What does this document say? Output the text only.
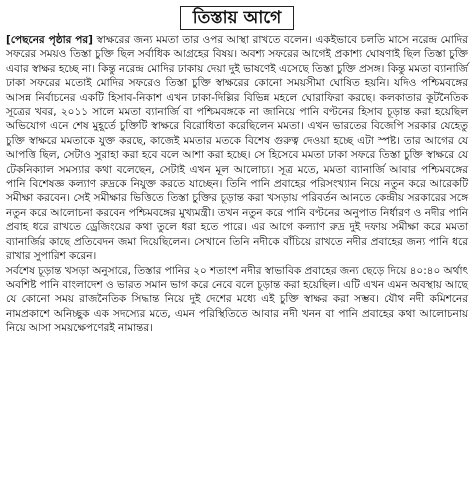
তিস্তায় আগে

[পেছনের পৃষ্ঠার পর] স্বাক্ষরের জন্য মমতা তার ওপর আস্থা রাখতে বলেন। একইভাবে চলতি মাসে নরেন্দ্র মোদির সফরের সময়ও তিস্তা চুক্তি ছিল সর্বাধিক আগ্রহের বিষয়। অবশ্য সফরের আগেই প্রকাশ্য ঘোষণাই ছিল তিস্তা চুক্তি এবার স্বাক্ষর হচ্ছে না। কিন্তু নরেন্দ্র মোদির ঢাকায় দেয়া দুই ভাষণেই এসেছে তিস্তা চুক্তি প্রসঙ্গ। কিন্তু মমতা ব্যানার্জি ঢাকা সফরের মতোই মোদির সফরেও তিস্তা চুক্তি স্বাক্ষরের কোনো সময়সীমা ঘোষিত হয়নি। যদিও পশ্চিমবঙ্গের আসন্ন নির্বাচনের একটি হিসাব-নিকাশ এখন ঢাকা-দিল্লির বিভিন্ন মহলে ঘোরাফিরা করছে। কলকাতার কূটনৈতিক সূত্রের খবর, ২০১১ সালে মমতা ব্যানার্জি বা পশ্চিমবঙ্গকে না জানিয়ে পানি বণ্টনের হিসাব চূড়ান্ত করা হয়েছিল অভিযোগ এনে শেষ মুহূর্তে চুক্তিটি স্বাক্ষরে বিরোধিতা করেছিলেন মমতা। এখন ভারতের বিজেপি সরকার যেহেতু চুক্তি স্বাক্ষরে মমতাকে যুক্ত করছে, কাজেই মমতার মতকে বিশেষ গুরুত্ব দেওয়া হচ্ছে এটা স্পষ্ট। তার আগের যে আপত্তি ছিল, সেটাও সুরাহা করা হবে বলে আশা করা হচ্ছে। সে হিসেবে মমতা ঢাকা সফরে তিস্তা চুক্তি স্বাক্ষরে যে টেকনিক্যাল সমস্যার কথা বলেছেন, সেটাই এখন মূল আলোচ্য। সূত্র মতে, মমতা ব্যানার্জি আবার পশ্চিমবঙ্গের পানি বিশেষজ্ঞ কল্যাণ রুদ্রকে নিযুক্ত করতে যাচ্ছেন। তিনি পানি প্রবাহের পরিসংখ্যান নিয়ে নতুন করে আরেকটি সমীক্ষা করবেন। সেই সমীক্ষার ভিত্তিতে তিস্তা চুক্তির চূড়ান্ত করা খসড়ায় পরিবর্তন আনতে কেন্দ্রীয় সরকারের সঙ্গে নতুন করে আলোচনা করবেন পশ্চিমবঙ্গের মুখ্যমন্ত্রী। তখন নতুন করে পানি বণ্টনের অনুপাত নির্ধারণ ও নদীর পানি প্রবাহ ধরে রাখতে ড্রেজিংয়ের কথা তুলে ধরা হতে পারে। এর আগে কল্যাণ রুদ্র দুই দফায় সমীক্ষা করে মমতা ব্যানার্জির কাছে প্রতিবেদন জমা দিয়েছিলেন। সেখানে তিনি নদীকে বাঁচিয়ে রাখতে নদীর প্রবাহের জন্য পানি ধরে রাখার সুপারিশ করেন।

সর্বশেষ চূড়ান্ত খসড়া অনুসারে, তিস্তার পানির ২০ শতাংশ নদীর স্বাভাবিক প্রবাহের জন্য ছেড়ে দিয়ে ৪০:৪০ অর্থাৎ অবশিষ্ট পানি বাংলাদেশ ও ভারত সমান ভাগ করে নেবে বলে চূড়ান্ত করা হয়েছিল। এটি এখন এমন অবস্থায় আছে যে কোনো সময় রাজনৈতিক সিদ্ধান্ত নিয়ে দুই দেশের মধ্যে এই চুক্তি স্বাক্ষর করা সম্ভব। যৌথ নদী কমিশনের নামপ্রকাশে অনিচ্ছুক এক সদস্যের মতে, এমন পরিস্থিতিতে আবার নদী খনন বা পানি প্রবাহের কথা আলোচনায় নিয়ে আসা সময়ক্ষেপণেরই নামান্তর।
